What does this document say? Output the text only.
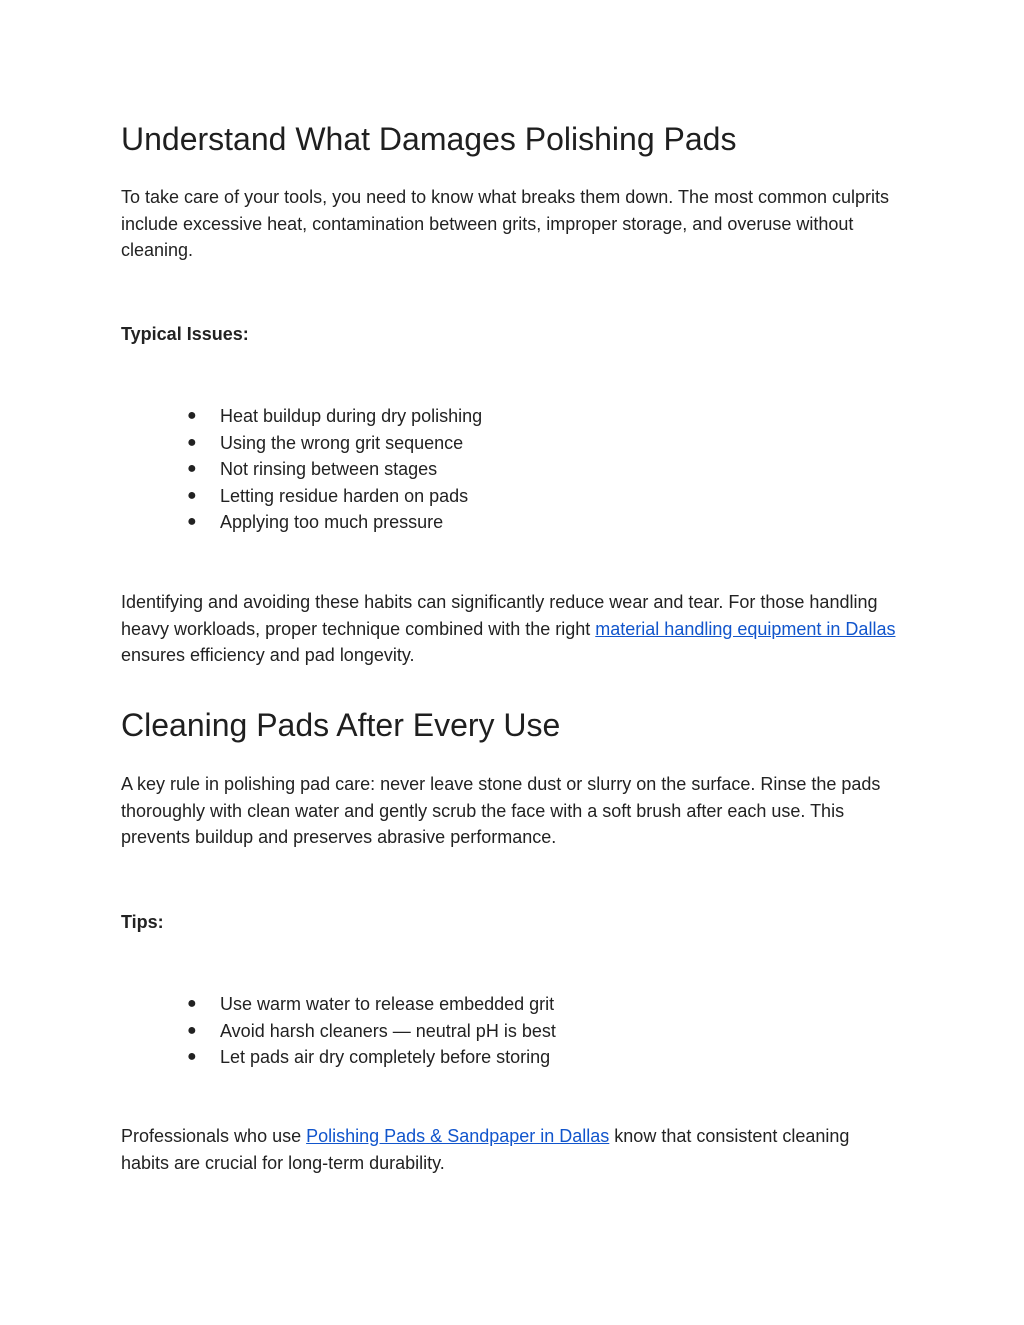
Understand What Damages Polishing Pads

To take care of your tools, you need to know what breaks them down. The most common culprits include excessive heat, contamination between grits, improper storage, and overuse without cleaning.

Typical Issues:
● Heat buildup during dry polishing
● Using the wrong grit sequence
● Not rinsing between stages
● Letting residue harden on pads
● Applying too much pressure

Identifying and avoiding these habits can significantly reduce wear and tear. For those handling heavy workloads, proper technique combined with the right material handling equipment in Dallas ensures efficiency and pad longevity.

Cleaning Pads After Every Use

A key rule in polishing pad care: never leave stone dust or slurry on the surface. Rinse the pads thoroughly with clean water and gently scrub the face with a soft brush after each use. This prevents buildup and preserves abrasive performance.

Tips:
● Use warm water to release embedded grit
● Avoid harsh cleaners — neutral pH is best
● Let pads air dry completely before storing

Professionals who use Polishing Pads & Sandpaper in Dallas know that consistent cleaning habits are crucial for long-term durability.
